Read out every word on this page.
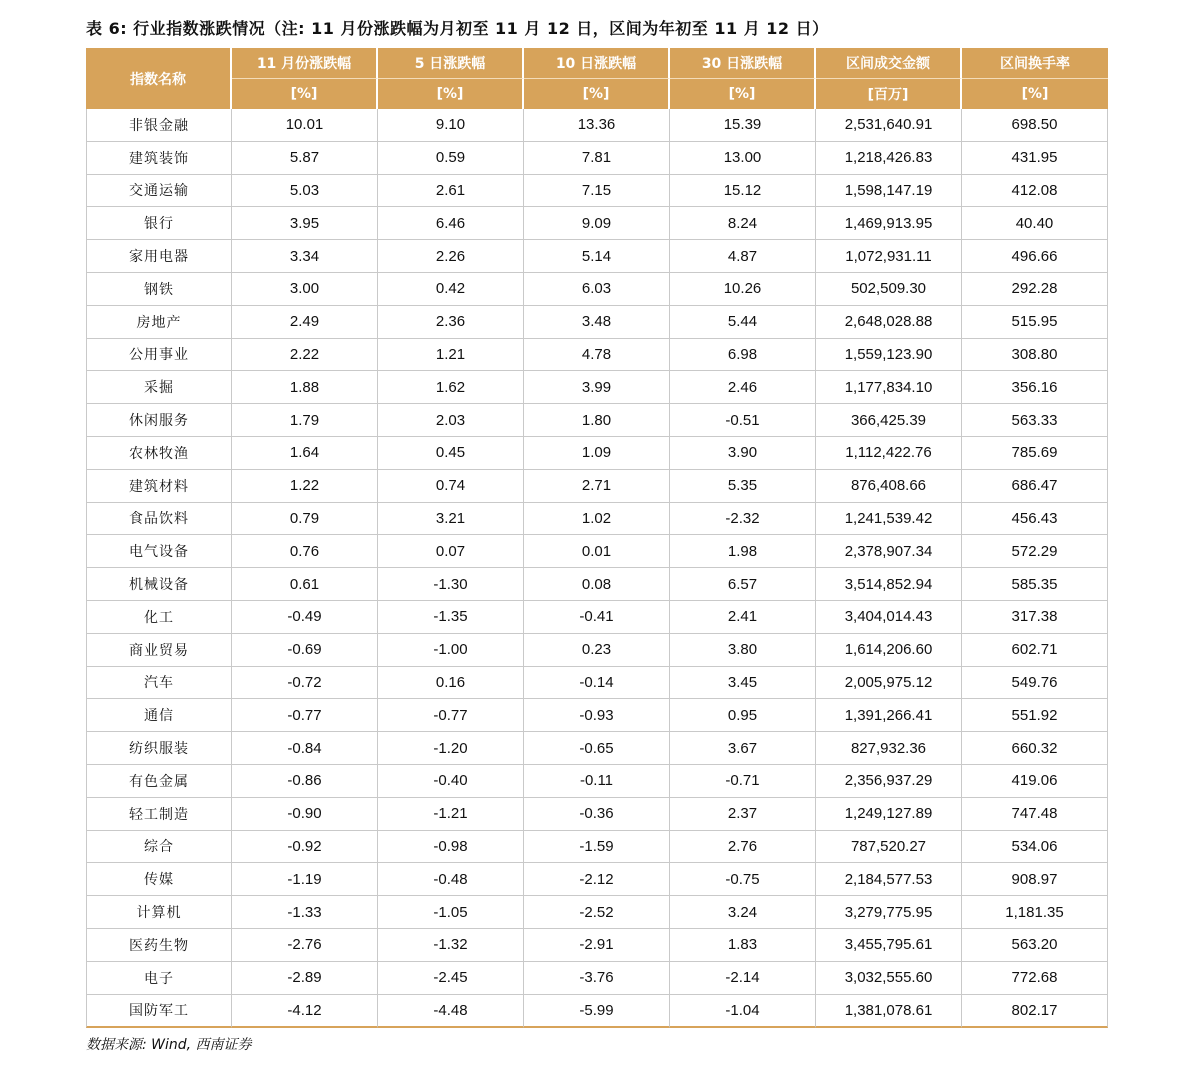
表 6: 行业指数涨跌情况（注: 11 月份涨跌幅为月初至 11 月 12 日，区间为年初至 11 月 12 日）
指数名称	11 月份涨跌幅	5 日涨跌幅	10 日涨跌幅	30 日涨跌幅	区间成交金额	区间换手率
	[%]	[%]	[%]	[%]	[百万]	[%]
非银金融	10.01	9.10	13.36	15.39	2,531,640.91	698.50
建筑装饰	5.87	0.59	7.81	13.00	1,218,426.83	431.95
交通运输	5.03	2.61	7.15	15.12	1,598,147.19	412.08
银行	3.95	6.46	9.09	8.24	1,469,913.95	40.40
家用电器	3.34	2.26	5.14	4.87	1,072,931.11	496.66
钢铁	3.00	0.42	6.03	10.26	502,509.30	292.28
房地产	2.49	2.36	3.48	5.44	2,648,028.88	515.95
公用事业	2.22	1.21	4.78	6.98	1,559,123.90	308.80
采掘	1.88	1.62	3.99	2.46	1,177,834.10	356.16
休闲服务	1.79	2.03	1.80	-0.51	366,425.39	563.33
农林牧渔	1.64	0.45	1.09	3.90	1,112,422.76	785.69
建筑材料	1.22	0.74	2.71	5.35	876,408.66	686.47
食品饮料	0.79	3.21	1.02	-2.32	1,241,539.42	456.43
电气设备	0.76	0.07	0.01	1.98	2,378,907.34	572.29
机械设备	0.61	-1.30	0.08	6.57	3,514,852.94	585.35
化工	-0.49	-1.35	-0.41	2.41	3,404,014.43	317.38
商业贸易	-0.69	-1.00	0.23	3.80	1,614,206.60	602.71
汽车	-0.72	0.16	-0.14	3.45	2,005,975.12	549.76
通信	-0.77	-0.77	-0.93	0.95	1,391,266.41	551.92
纺织服装	-0.84	-1.20	-0.65	3.67	827,932.36	660.32
有色金属	-0.86	-0.40	-0.11	-0.71	2,356,937.29	419.06
轻工制造	-0.90	-1.21	-0.36	2.37	1,249,127.89	747.48
综合	-0.92	-0.98	-1.59	2.76	787,520.27	534.06
传媒	-1.19	-0.48	-2.12	-0.75	2,184,577.53	908.97
计算机	-1.33	-1.05	-2.52	3.24	3,279,775.95	1,181.35
医药生物	-2.76	-1.32	-2.91	1.83	3,455,795.61	563.20
电子	-2.89	-2.45	-3.76	-2.14	3,032,555.60	772.68
国防军工	-4.12	-4.48	-5.99	-1.04	1,381,078.61	802.17
数据来源: Wind, 西南证券
